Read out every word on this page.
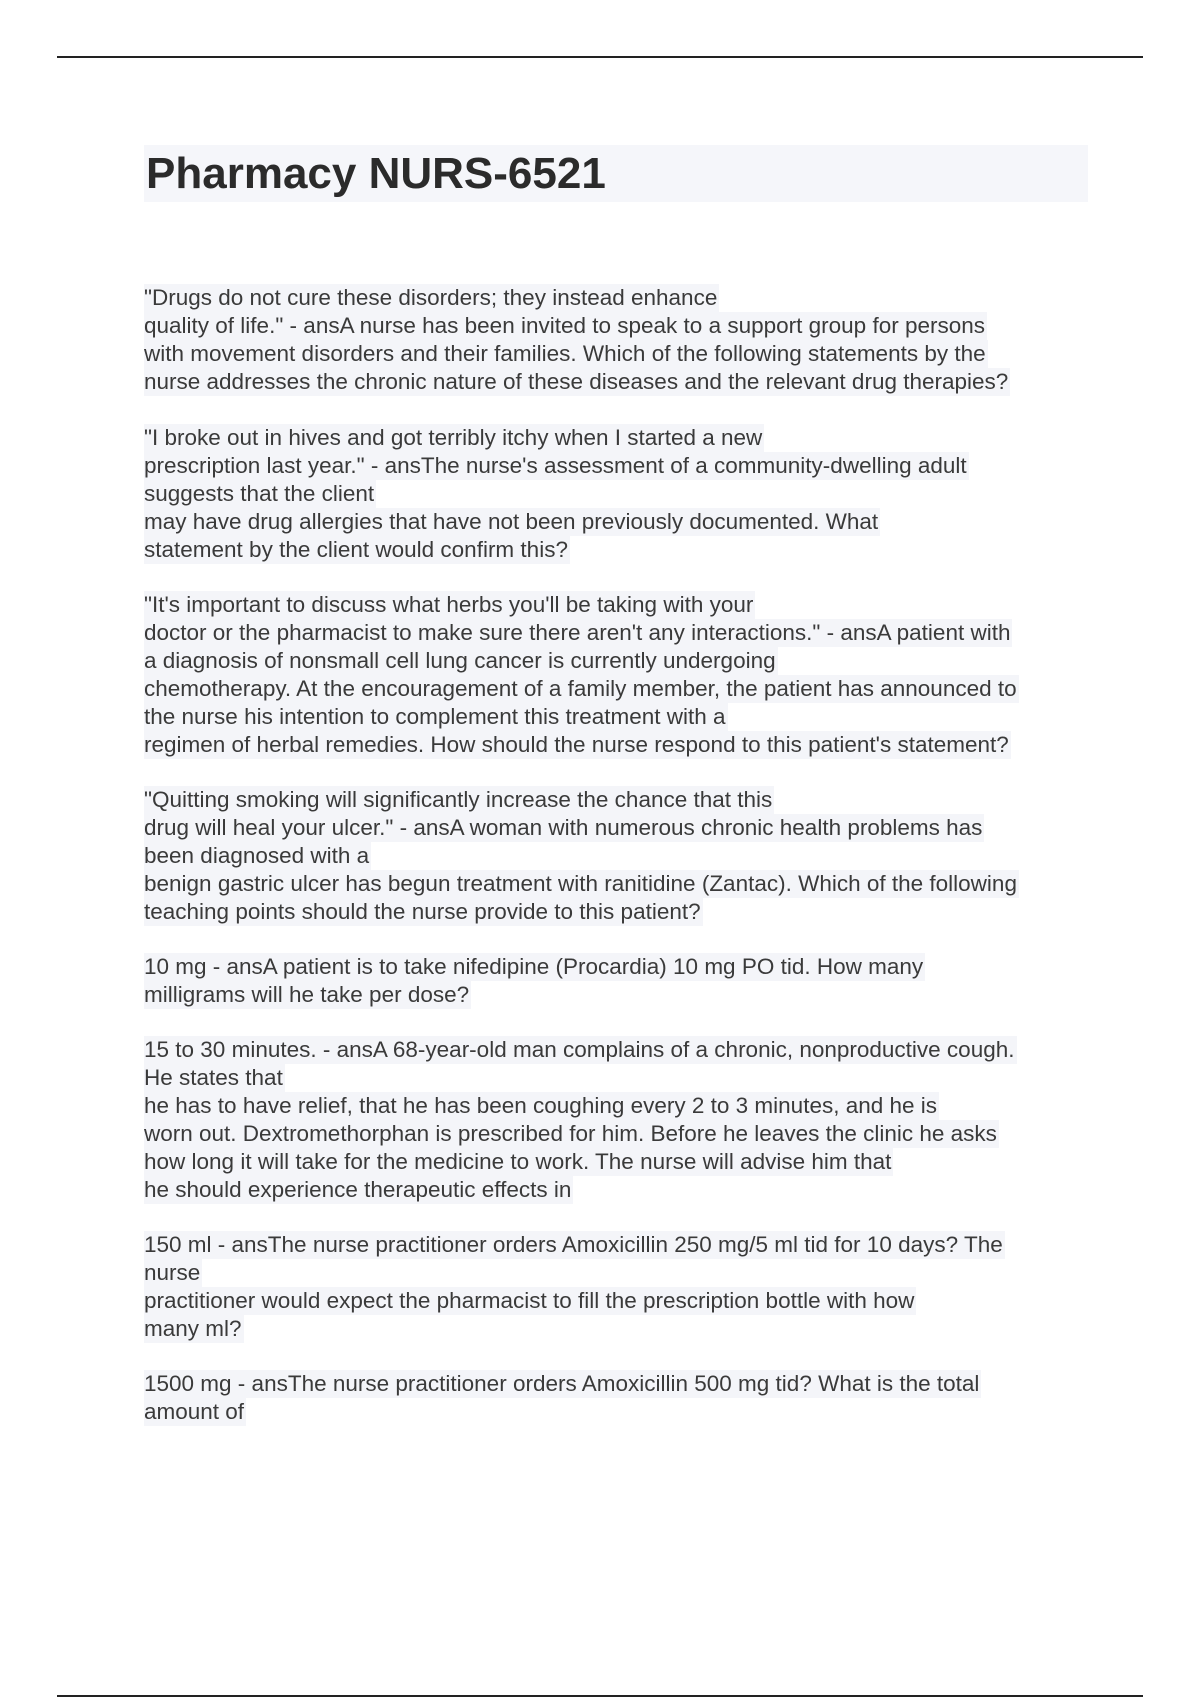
Pharmacy NURS-6521
"Drugs do not cure these disorders; they instead enhance
quality of life." - ansA nurse has been invited to speak to a support group for persons
with movement disorders and their families. Which of the following statements by the
nurse addresses the chronic nature of these diseases and the relevant drug therapies?
"I broke out in hives and got terribly itchy when I started a new
prescription last year." - ansThe nurse's assessment of a community-dwelling adult
suggests that the client
may have drug allergies that have not been previously documented. What
statement by the client would confirm this?
"It's important to discuss what herbs you'll be taking with your
doctor or the pharmacist to make sure there aren't any interactions." - ansA patient with
a diagnosis of nonsmall cell lung cancer is currently undergoing
chemotherapy. At the encouragement of a family member, the patient has announced to
the nurse his intention to complement this treatment with a
regimen of herbal remedies. How should the nurse respond to this patient's statement?
"Quitting smoking will significantly increase the chance that this
drug will heal your ulcer." - ansA woman with numerous chronic health problems has
been diagnosed with a
benign gastric ulcer has begun treatment with ranitidine (Zantac). Which of the following
teaching points should the nurse provide to this patient?
10 mg - ansA patient is to take nifedipine (Procardia) 10 mg PO tid. How many
milligrams will he take per dose?
15 to 30 minutes. - ansA 68-year-old man complains of a chronic, nonproductive cough.
He states that
he has to have relief, that he has been coughing every 2 to 3 minutes, and he is
worn out. Dextromethorphan is prescribed for him. Before he leaves the clinic he asks
how long it will take for the medicine to work. The nurse will advise him that
he should experience therapeutic effects in
150 ml - ansThe nurse practitioner orders Amoxicillin 250 mg/5 ml tid for 10 days? The
nurse
practitioner would expect the pharmacist to fill the prescription bottle with how
many ml?
1500 mg - ansThe nurse practitioner orders Amoxicillin 500 mg tid? What is the total
amount of
